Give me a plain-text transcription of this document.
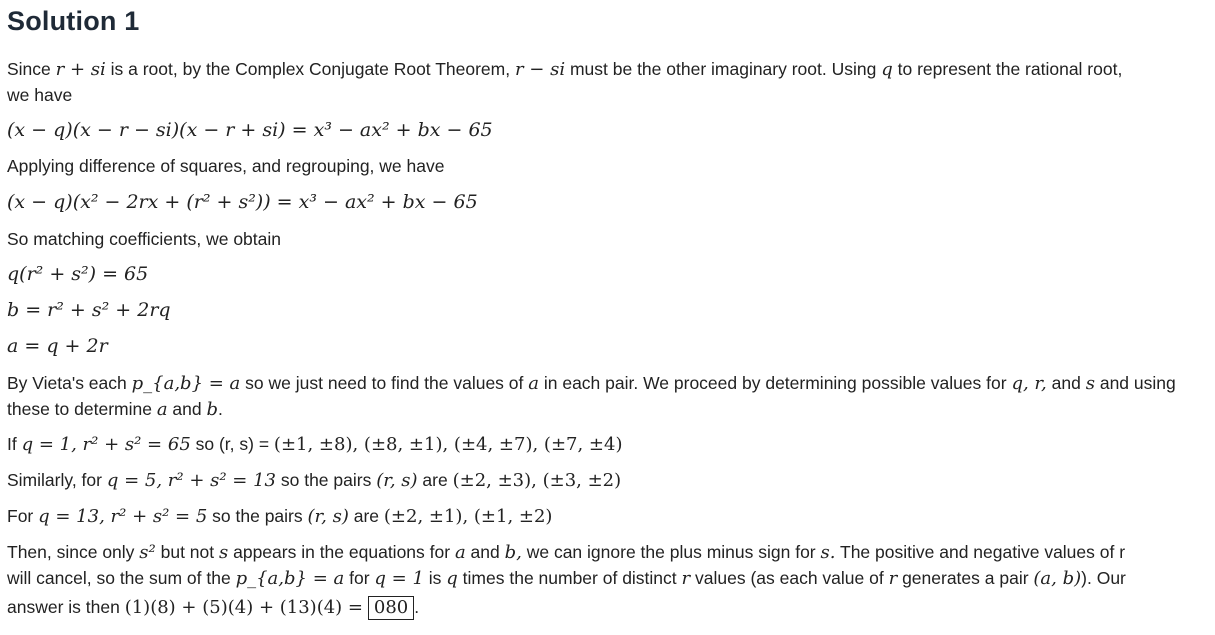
Solution 1

Since r + si is a root, by the Complex Conjugate Root Theorem, r − si must be the other imaginary root. Using q to represent the rational root,

we have

(x − q)(x − r − si)(x − r + si) = x³ − ax² + bx − 65

Applying difference of squares, and regrouping, we have

(x − q)(x² − 2rx + (r² + s²)) = x³ − ax² + bx − 65

So matching coefficients, we obtain

q(r² + s²) = 65

b = r² + s² + 2rq

a = q + 2r

By Vieta's each p_{a,b} = a so we just need to find the values of a in each pair. We proceed by determining possible values for q, r, and s and using

these to determine a and b.

If q = 1, r² + s² = 65 so (r, s) = (±1, ±8), (±8, ±1), (±4, ±7), (±7, ±4)

Similarly, for q = 5, r² + s² = 13 so the pairs (r, s) are (±2, ±3), (±3, ±2)

For q = 13, r² + s² = 5 so the pairs (r, s) are (±2, ±1), (±1, ±2)

Then, since only s² but not s appears in the equations for a and b, we can ignore the plus minus sign for s. The positive and negative values of r

will cancel, so the sum of the p_{a,b} = a for q = 1 is q times the number of distinct r values (as each value of r generates a pair (a, b)). Our

answer is then (1)(8) + (5)(4) + (13)(4) = 080 .
